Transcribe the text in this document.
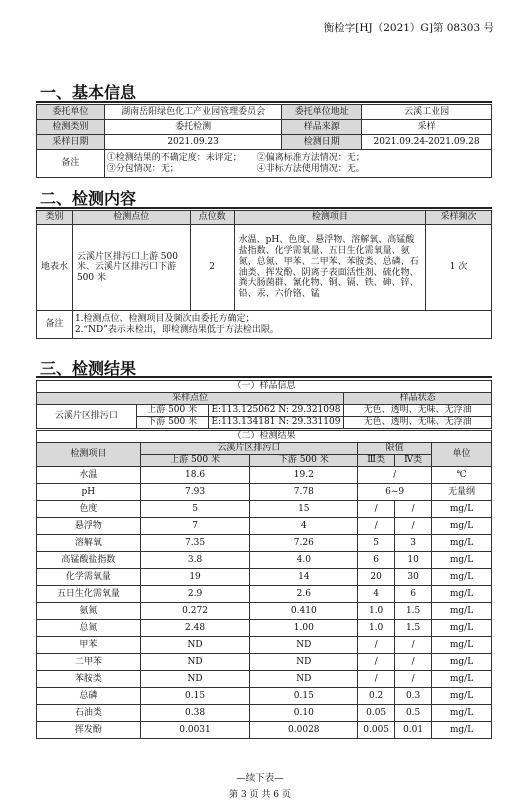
衡检字[HJ（2021）G]第 08303 号
一、基本信息
委托单位	湖南岳阳绿色化工产业园管理委员会	委托单位地址	云溪工业园
检测类别	委托检测	样品来源	采样
采样日期	2021.09.23	检测日期	2021.09.24-2021.09.28
备注	①检测结果的不确定度：未评定； ②偏离标准方法情况：无；
③分包情况：无； ④非标方法使用情况：无。		
二、检测内容
类别	检测点位	点位数	检测项目	采样频次
地表水	云溪片区排污口上游 500 米、云溪片区排污口下游 500 米	2	水温、pH、色度、悬浮物、溶解氧、高锰酸盐指数、化学需氧量、五日生化需氧量、氨氮、总氮、甲苯、二甲苯、苯胺类、总磷、石油类、挥发酚、阴离子表面活性剂、硫化物、粪大肠菌群、氰化物、铜、镉、铁、砷、锌、铅、汞、六价铬、锰	1 次
备注	1.检测点位、检测项目及频次由委托方确定；
2.“ND”表示未检出，即检测结果低于方法检出限。			
三、检测结果
（一）样品信息			
采样点位			样品状态
云溪片区排污口	上游 500 米	E:113.125062 N: 29.321098	无色、透明、无味、无浮油
	下游 500 米	E:113.134181 N: 29.331109	无色、透明、无味、无浮油
（二）检测结果					
检测项目	云溪片区排污口		限值		单位
	上游 500 米	下游 500 米	Ⅲ类	Ⅳ类	
水温	18.6	19.2	/		℃
pH	7.93	7.78	6~9		无量纲
色度	5	15	/	/	mg/L
悬浮物	7	4	/	/	mg/L
溶解氧	7.35	7.26	5	3	mg/L
高锰酸盐指数	3.8	4.0	6	10	mg/L
化学需氧量	19	14	20	30	mg/L
五日生化需氧量	2.9	2.6	4	6	mg/L
氨氮	0.272	0.410	1.0	1.5	mg/L
总氮	2.48	1.00	1.0	1.5	mg/L
甲苯	ND	ND	/	/	mg/L
二甲苯	ND	ND	/	/	mg/L
苯胺类	ND	ND	/	/	mg/L
总磷	0.15	0.15	0.2	0.3	mg/L
石油类	0.38	0.10	0.05	0.5	mg/L
挥发酚	0.0031	0.0028	0.005	0.01	mg/L
—续下表—
第 3 页 共 6 页
